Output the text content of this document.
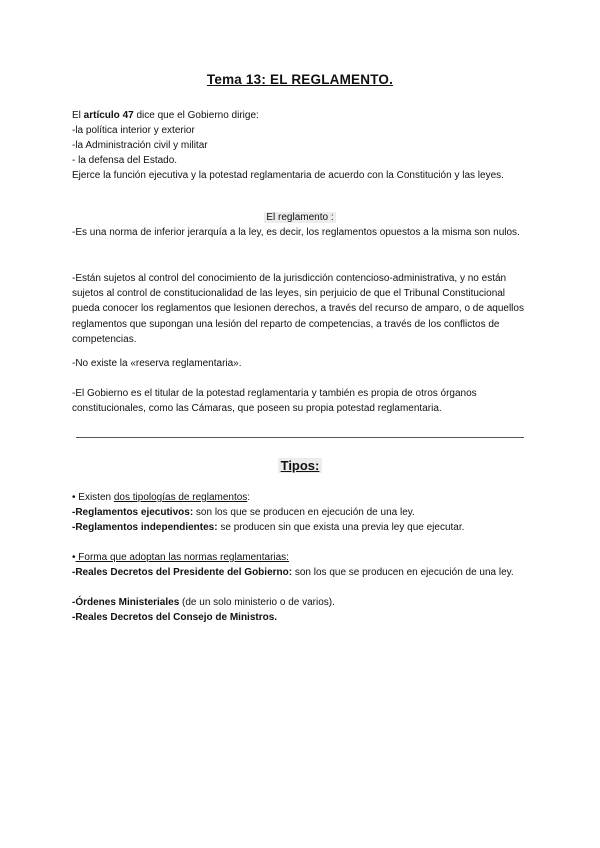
Tema 13: EL REGLAMENTO.

El artículo 47 dice que el Gobierno dirige:

-la política interior y exterior

-la Administración civil y militar

- la defensa del Estado.

Ejerce la función ejecutiva y la potestad reglamentaria de acuerdo con la Constitución y las leyes.

El reglamento :

-Es una norma de inferior jerarquía a la ley, es decir, los reglamentos opuestos a la misma son nulos.

-Están sujetos al control del conocimiento de la jurisdicción contencioso-administrativa, y no están sujetos al control de constitucionalidad de las leyes, sin perjuicio de que el Tribunal Constitucional pueda conocer los reglamentos que lesionen derechos, a través del recurso de amparo, o de aquellos reglamentos que supongan una lesión del reparto de competencias, a través de los conflictos de competencias.

-No existe la «reserva reglamentaria».

-El Gobierno es el titular de la potestad reglamentaria y también es propia de otros órganos constitucionales, como las Cámaras, que poseen su propia potestad reglamentaria.

Tipos:

• Existen dos tipologías de reglamentos:

-Reglamentos ejecutivos: son los que se producen en ejecución de una ley.

-Reglamentos independientes: se producen sin que exista una previa ley que ejecutar.

• Forma que adoptan las normas reglamentarias:

-Reales Decretos del Presidente del Gobierno: son los que se producen en ejecución de una ley.

-Órdenes Ministeriales (de un solo ministerio o de varios).

-Reales Decretos del Consejo de Ministros.
